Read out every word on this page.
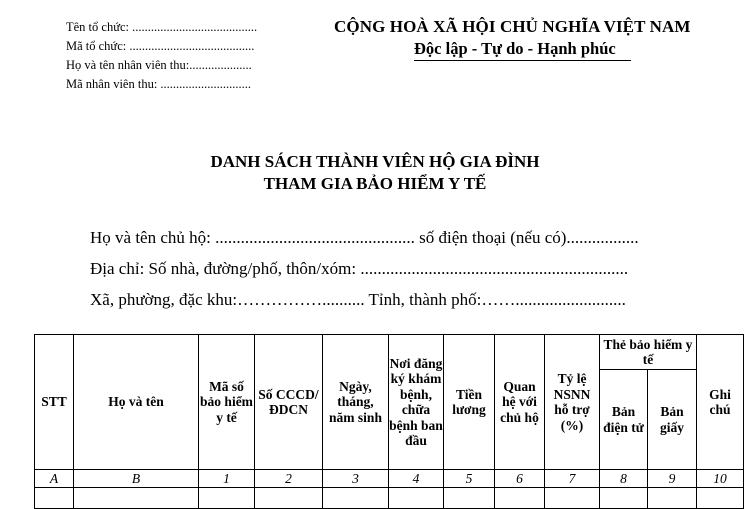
Tên tổ chức: ........................................
Mã tổ chức: ........................................
Họ và tên nhân viên thu:....................
Mã nhân viên thu: .............................
CỘNG HOÀ XÃ HỘI CHỦ NGHĨA VIỆT NAM
Độc lập - Tự do - Hạnh phúc
DANH SÁCH THÀNH VIÊN HỘ GIA ĐÌNH
THAM GIA BẢO HIỂM Y TẾ
Họ và tên chủ hộ: ............................................... số điện thoại (nếu có).................
Địa chỉ: Số nhà, đường/phố, thôn/xóm: ...............................................................
Xã, phường, đặc khu:…………….......... Tỉnh, thành phố:……..........................
STT	Họ và tên	Mã số bảo hiểm y tế	Số CCCD/ ĐDCN	Ngày, tháng, năm sinh	Nơi đăng ký khám bệnh, chữa bệnh ban đầu	Tiền lương	Quan hệ với chủ hộ	Tỷ lệ NSNN hỗ trợ (%)	Thẻ bảo hiểm y tế		Ghi chú
									Bản điện tử	Bản giấy	
A	B	1	2	3	4	5	6	7	8	9	10
